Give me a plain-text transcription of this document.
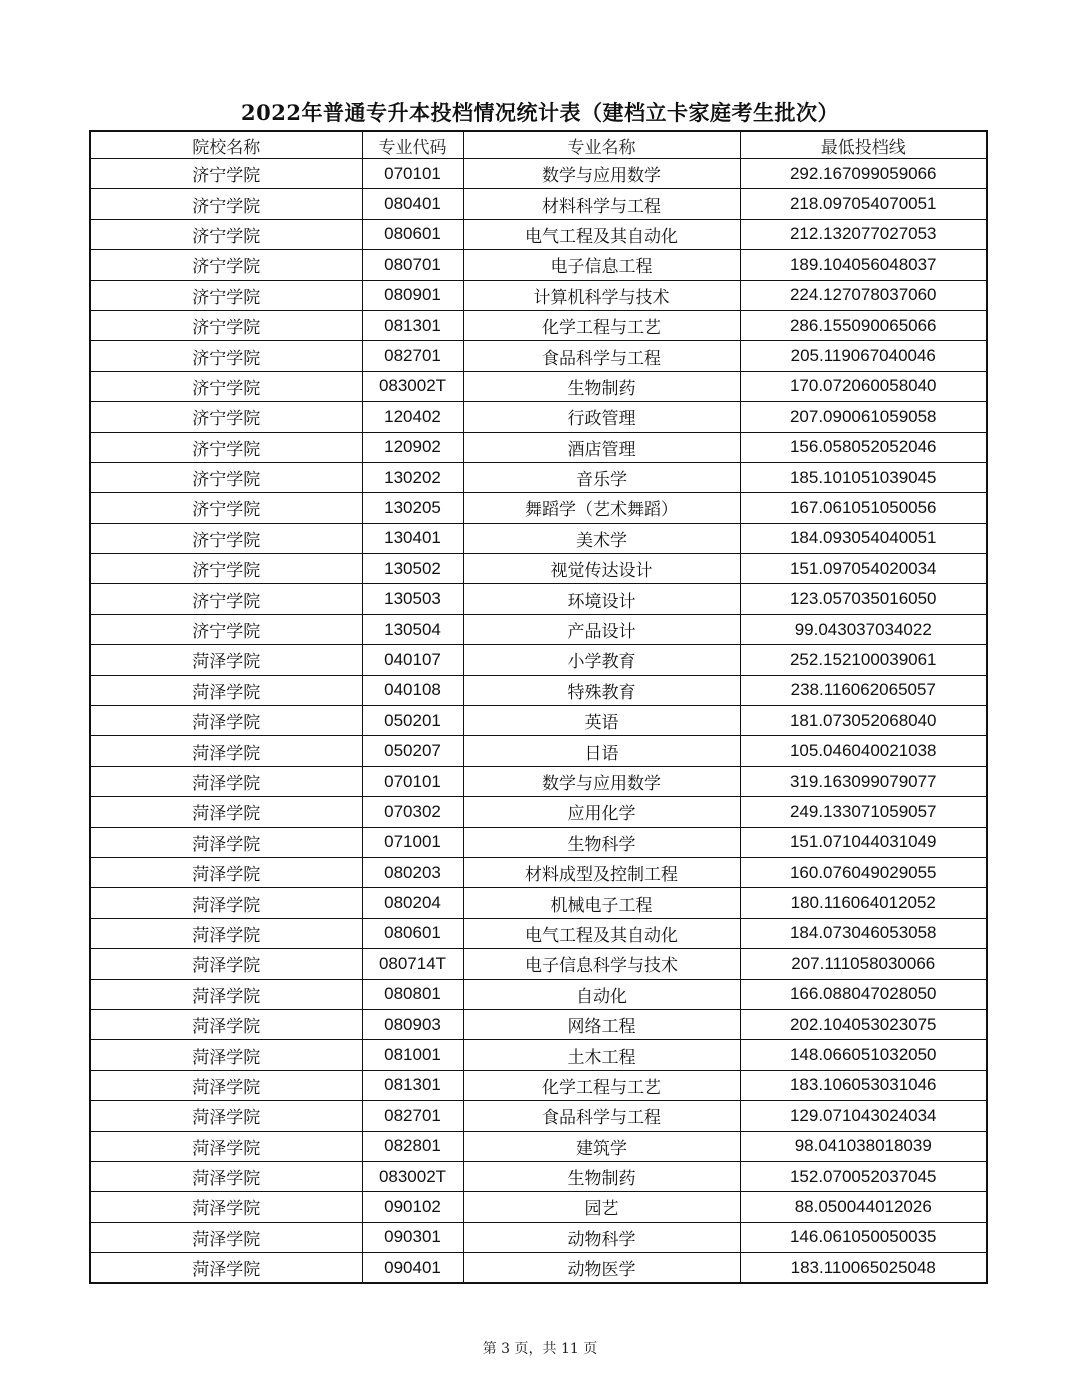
2022年普通专升本投档情况统计表（建档立卡家庭考生批次）
院校名称	专业代码	专业名称	最低投档线
济宁学院	070101	数学与应用数学	292.167099059066
济宁学院	080401	材料科学与工程	218.097054070051
济宁学院	080601	电气工程及其自动化	212.132077027053
济宁学院	080701	电子信息工程	189.104056048037
济宁学院	080901	计算机科学与技术	224.127078037060
济宁学院	081301	化学工程与工艺	286.155090065066
济宁学院	082701	食品科学与工程	205.119067040046
济宁学院	083002T	生物制药	170.072060058040
济宁学院	120402	行政管理	207.090061059058
济宁学院	120902	酒店管理	156.058052052046
济宁学院	130202	音乐学	185.101051039045
济宁学院	130205	舞蹈学（艺术舞蹈）	167.061051050056
济宁学院	130401	美术学	184.093054040051
济宁学院	130502	视觉传达设计	151.097054020034
济宁学院	130503	环境设计	123.057035016050
济宁学院	130504	产品设计	99.043037034022
菏泽学院	040107	小学教育	252.152100039061
菏泽学院	040108	特殊教育	238.116062065057
菏泽学院	050201	英语	181.073052068040
菏泽学院	050207	日语	105.046040021038
菏泽学院	070101	数学与应用数学	319.163099079077
菏泽学院	070302	应用化学	249.133071059057
菏泽学院	071001	生物科学	151.071044031049
菏泽学院	080203	材料成型及控制工程	160.076049029055
菏泽学院	080204	机械电子工程	180.116064012052
菏泽学院	080601	电气工程及其自动化	184.073046053058
菏泽学院	080714T	电子信息科学与技术	207.111058030066
菏泽学院	080801	自动化	166.088047028050
菏泽学院	080903	网络工程	202.104053023075
菏泽学院	081001	土木工程	148.066051032050
菏泽学院	081301	化学工程与工艺	183.106053031046
菏泽学院	082701	食品科学与工程	129.071043024034
菏泽学院	082801	建筑学	98.041038018039
菏泽学院	083002T	生物制药	152.070052037045
菏泽学院	090102	园艺	88.050044012026
菏泽学院	090301	动物科学	146.061050050035
菏泽学院	090401	动物医学	183.110065025048
第 3 页，共 11 页
